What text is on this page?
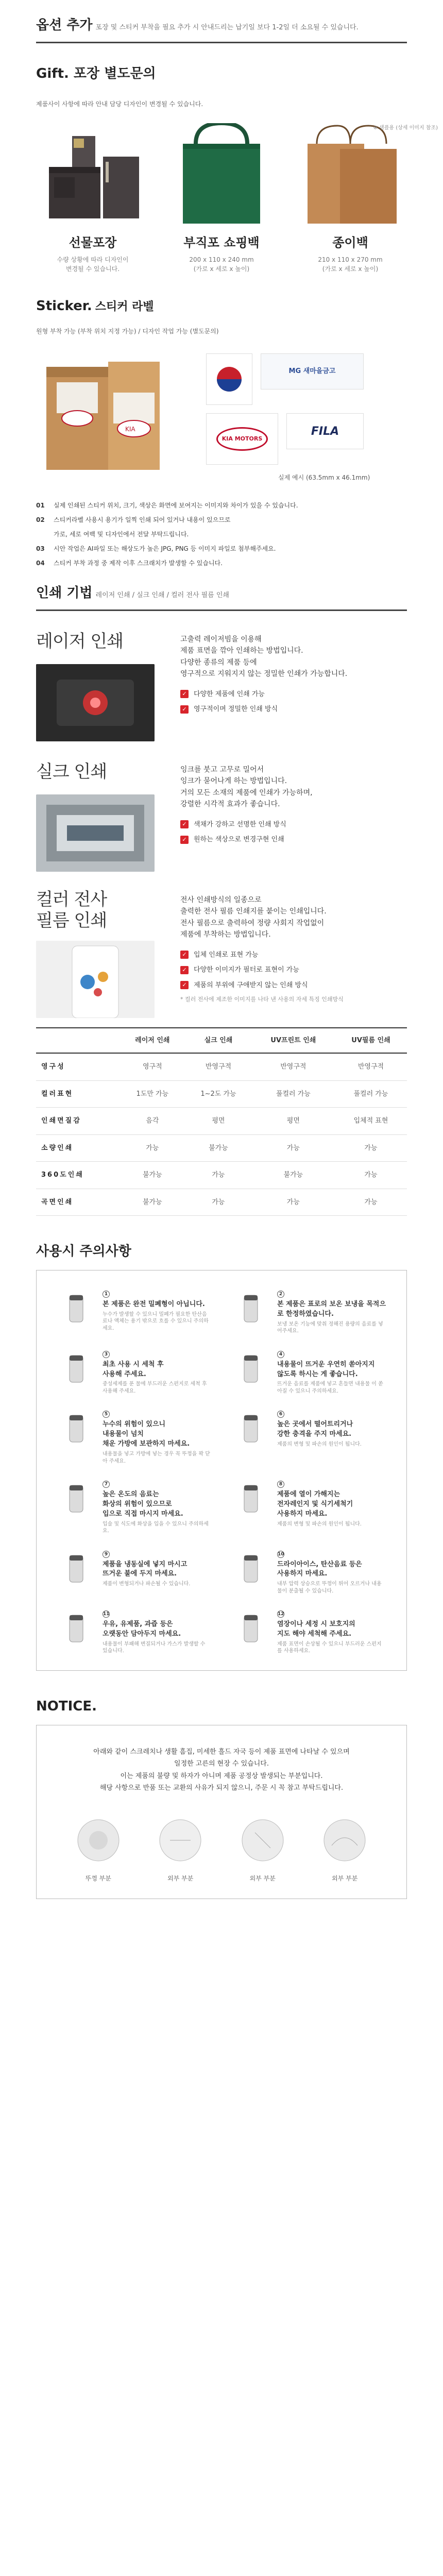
옵션 추가 포장 및 스티커 부착을 필요 추가 시 안내드리는 납기일 보다 1-2일 더 소요될 수 있습니다.
Gift. 포장 별도문의
제품사이 사항에 따라 안내 담당 디자인이 변경될 수 있습니다.
선물포장
수량 상황에 따라 디자인이
변경될 수 있습니다.
부직포 쇼핑백
200 x 110 x 240 mm
(가로 x 세로 x 높이)
※ 샘플용 (상세 이미지 참조)
종이백
210 x 110 x 270 mm
(가로 x 세로 x 높이)
Sticker. 스티커 라벨
원형 부착 가능 (부착 위치 지정 가능) / 디자인 작업 가능 (별도문의)
KIA
MG 새마을금고
KIA MOTORS
FILA
실제 예시 (63.5mm x 46.1mm)
01 실제 인쇄된 스티커 위치, 크기, 색상은 화면에 보여지는 이미지와 차이가 있을 수 있습니다.
02 스티커라벨 사용시 용기가 일찍 인쇄 되어 있거나 내용이 있으므로
가로, 세로 여백 및 디자인에서 전달 부탁드립니다.
03 시안 작업은 AI파일 또는 해상도가 높은 JPG, PNG 등 이미지 파일로 첨부해주세요.
04 스티커 부착 과정 중 제작 이후 스크래치가 발생할 수 있습니다.
인쇄 기법 레이저 인쇄 / 실크 인쇄 / 컬러 전사 필름 인쇄
레이저 인쇄	고출력 레이저빔을 이용해
제품 표면을 깎아 인쇄하는 방법입니다.
다양한 종류의 제품 등에
영구적으로 지워지지 않는 정밀한 인쇄가 가능합니다.
✓ 다양한 제품에 인쇄 가능
✓ 영구적이며 정밀한 인쇄 방식
실크 인쇄	잉크를 붓고 고무로 밀어서
잉크가 묻어나게 하는 방법입니다.
거의 모든 소재의 제품에 인쇄가 가능하며,
강렬한 시각적 효과가 좋습니다.
✓ 색채가 강하고 선명한 인쇄 방식
✓ 원하는 색상으로 변경구현 인쇄
컬러 전사
필름 인쇄
전사 인쇄방식의 일종으로
출력한 전사 필름 인쇄지를 붙이는 인쇄입니다.
전사 필름으로 출력하여 정량 사회지 작업없이
제품에 부착하는 방법입니다.
✓ 입체 인쇄로 표현 가능
✓ 다양한 이미지가 필터로 표현이 가능
✓ 제품의 부위에 구애받지 않는 인쇄 방식
* 컬러 전사에 제조한 이미지를 나타 낸 사용의 자세 특징 인쇄방식
	레이저 인쇄	실크 인쇄	UV프린트 인쇄	UV필름 인쇄
영구성	영구적	반영구적	반영구적	반영구적
컬러표현	1도만 가능	1~2도 가능	풀컬러 가능	풀컬러 가능
인쇄면질감	음각	평면	평면	입체적 표현
소량인쇄	가능	불가능	가능	가능
360도인쇄	불가능	가능	불가능	가능
곡면인쇄	불가능	가능	가능	가능
사용시 주의사항
1
본 제품은 완전 밀폐형이 아닙니다.

누수가 발생할 수 있으니 밀폐가 필요한 탄산음료나 액체는 용기 밖으로 흐를 수 있으니 주의하세요.

2
본 제품은 표로의 보온 보냉을 목적으로 한정하였습니다.

보냉 보온 기능에 맞춰 정해진 용량의 음료를 넣어주세요.

3
최초 사용 시 세척 후
사용해 주세요.

중성세제를 푼 물에 부드러운 스펀지로 세척 후 사용해 주세요.

4
내용물이 뜨거운 우연히 쏟아지지
않도록 하시는 게 좋습니다.

뜨거운 음료를 제품에 넣고 흔들면 내용물 이 쏟아질 수 있으니 주의하세요.

5
누수의 위험이 있으니
내용물이 넘치
채운 가방에 보관하지 마세요.

내용물을 넣고 가방에 넣는 경우 꼭 뚜껑을 꽉 닫아 주세요.

6
높은 곳에서 떨어트리거나
강한 충격을 주지 마세요.

제품의 변형 및 파손의 원인이 됩니다.

7
높은 온도의 음료는
화상의 위험이 있으므로
입으로 직접 마시지 마세요.

입술 및 식도에 화상을 입을 수 있으니 주의하세요.

8
제품에 열이 가해지는
전자레인지 및 식기세척기
사용하지 마세요.

제품의 변형 및 파손의 원인이 됩니다.

9
제품을 냉동실에 넣지 마시고
뜨거운 불에 두지 마세요.

제품이 변형되거나 파손될 수 있습니다.

10
드라이아이스, 탄산음료 등은
사용하지 마세요.

내부 압력 상승으로 뚜껑이 튀어 오르거나 내용물이 분출될 수 있습니다.

11
우유, 유제품, 과즙 등은
오랫동안 담아두지 마세요.

내용물이 부패해 변질되거나 가스가 발생할 수 있습니다.

12
염장이나 세정 시 보호지의
지도 해야 세척해 주세요.

제품 표면이 손상될 수 있으니 부드러운 스펀지를 사용하세요.

NOTICE.
아래와 같이 스크레치나 생활 흠집, 미세한 흘드 자국 등이 제품 표면에 나타날 수 있으며
일정한 고른의 현장 수 있습니다.
이는 제품의 불량 및 하자가 아니며 제품 공정상 발생되는 부분입니다.
해당 사항으로 반품 또는 교환의 사유가 되지 않으니, 주문 시 꼭 참고 부탁드립니다.
뚜껑 부분	외부 부분	외부 부분	외부 부분
